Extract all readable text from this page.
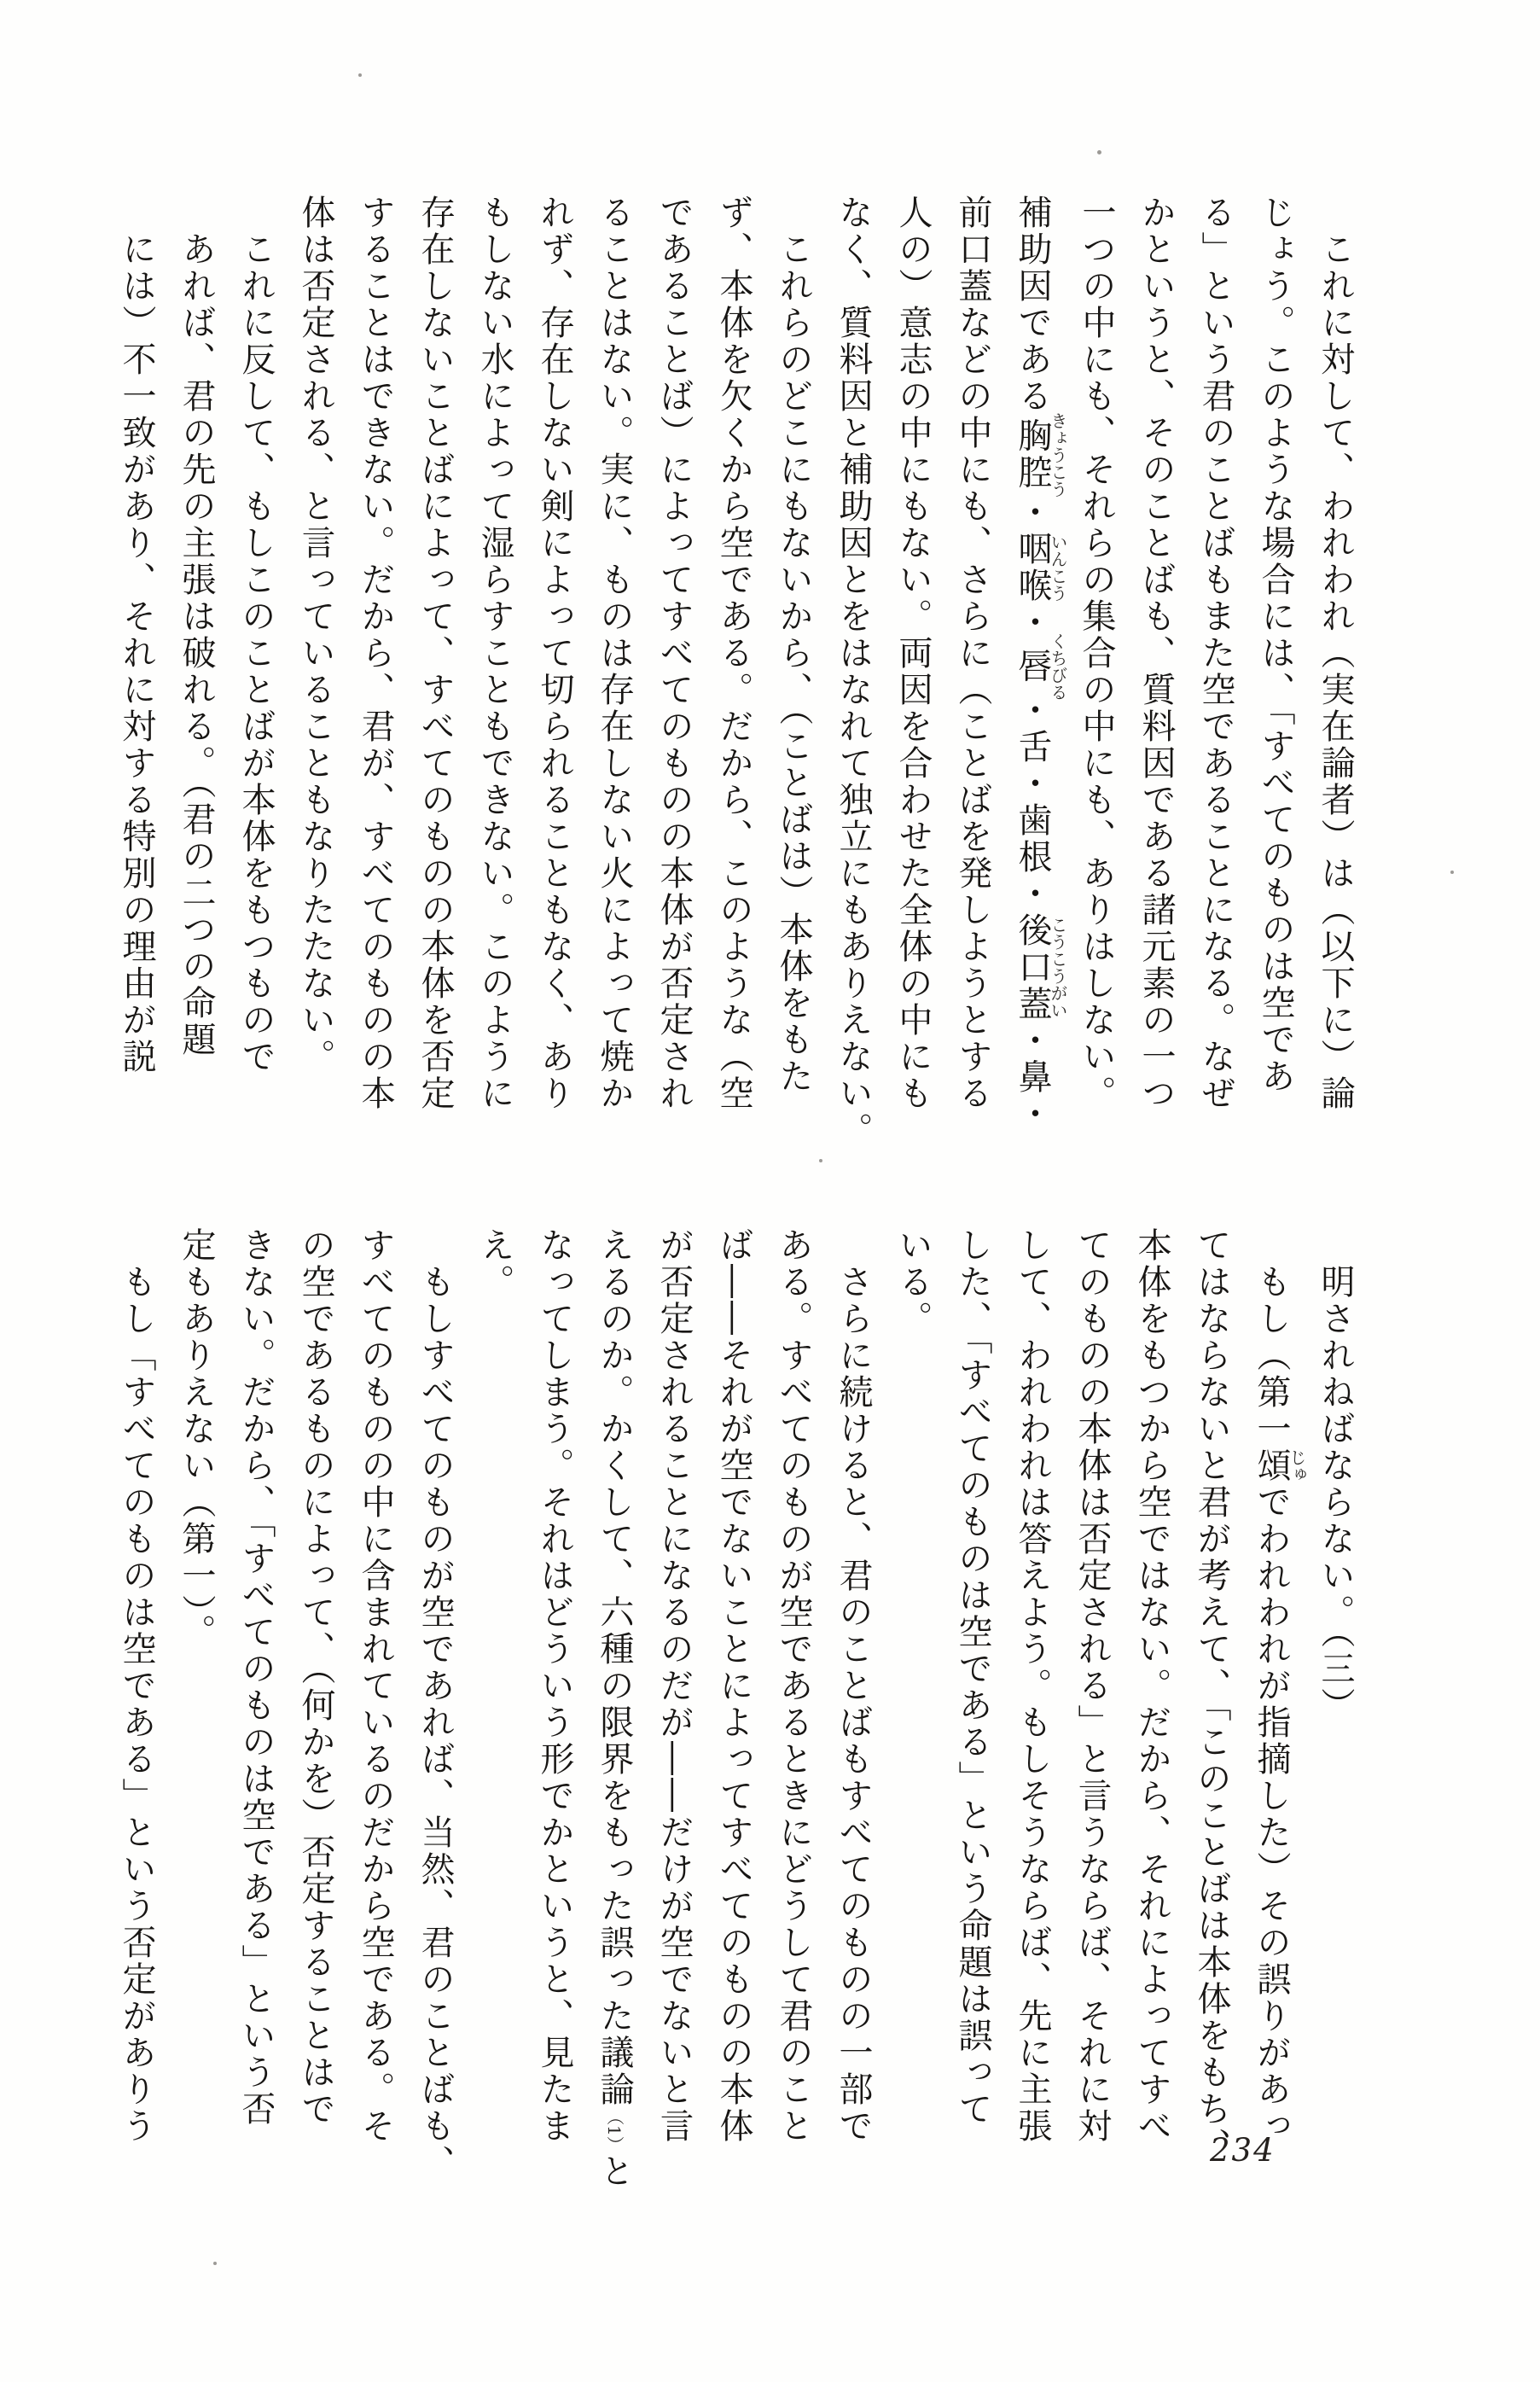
　これに対して、われわれ（実在論者）は（以下に）論
じょう。このような場合には、「すべてのものは空であ
る」という君のことばもまた空であることになる。なぜ
かというと、そのことばも、質料因である諸元素の一つ
一つの中にも、それらの集合の中にも、ありはしない。
補助因である胸腔きょうこう・咽喉いんこう・唇くちびる・舌・歯根・後口蓋こうこうがい・鼻・
前口蓋などの中にも、さらに（ことばを発しようとする
人の）意志の中にもない。両因を合わせた全体の中にも
なく、質料因と補助因とをはなれて独立にもありえない。
　これらのどこにもないから、（ことばは）本体をもた
ず、本体を欠くから空である。だから、このような（空
であることば）によってすべてのものの本体が否定され
ることはない。実に、ものは存在しない火によって焼か
れず、存在しない剣によって切られることもなく、あり
もしない水によって湿らすこともできない。このように
存在しないことばによって、すべてのものの本体を否定
することはできない。だから、君が、すべてのものの本
体は否定される、と言っていることもなりたたない。
　これに反して、もしこのことばが本体をもつもので
　あれば、君の先の主張は破れる。（君の二つの命題
　には）不一致があり、それに対する特別の理由が説
　明されねばならない。（三）
　もし（第一頌じゅでわれわれが指摘した）その誤りがあっ
てはならないと君が考えて、「このことばは本体をもち、
本体をもつから空ではない。だから、それによってすべ
てのものの本体は否定される」と言うならば、それに対
して、われわれは答えよう。もしそうならば、先に主張
した、「すべてのものは空である」という命題は誤って
いる。
　さらに続けると、君のことばもすべてのものの一部で
ある。すべてのものが空であるときにどうして君のこと
ば――それが空でないことによってすべてのものの本体
が否定されることになるのだが――だけが空でないと言
えるのか。かくして、六種の限界をもった誤った議論（1）と
なってしまう。それはどういう形でかというと、見たま
え。
　もしすべてのものが空であれば、当然、君のことばも、
すべてのものの中に含まれているのだから空である。そ
の空であるものによって、（何かを）否定することはで
きない。だから、「すべてのものは空である」という否
定もありえない（第一）。
　もし「すべてのものは空である」という否定がありう
234
